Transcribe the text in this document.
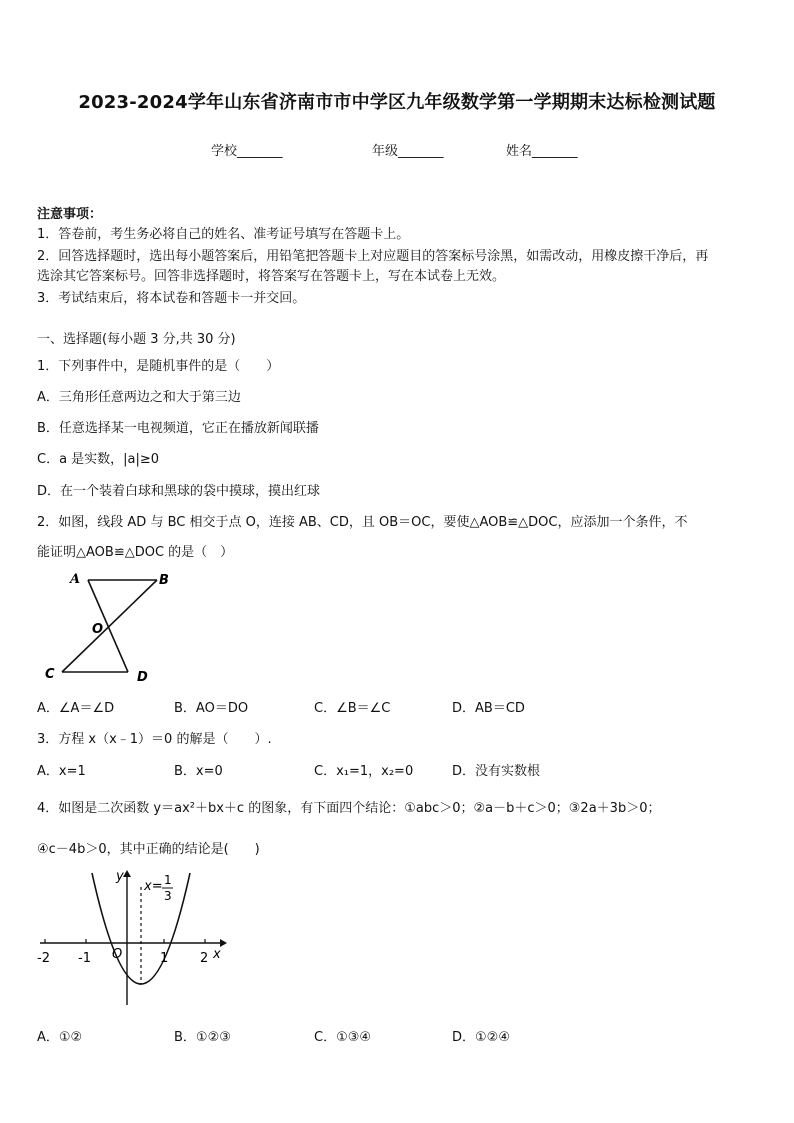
2023-2024学年山东省济南市市中学区九年级数学第一学期期末达标检测试题
学校_______	年级_______	姓名_______
注意事项：
1．答卷前，考生务必将自己的姓名、准考证号填写在答题卡上。
2．回答选择题时，选出每小题答案后，用铅笔把答题卡上对应题目的答案标号涂黑，如需改动，用橡皮擦干净后，再
选涂其它答案标号。回答非选择题时，将答案写在答题卡上，写在本试卷上无效。
3．考试结束后，将本试卷和答题卡一并交回。
一、选择题(每小题 3 分,共 30 分)
1．下列事件中，是随机事件的是（　　）
A．三角形任意两边之和大于第三边
B．任意选择某一电视频道，它正在播放新闻联播
C．a 是实数，|a|≥0
D．在一个装着白球和黑球的袋中摸球，摸出红球
2．如图，线段 AD 与 BC 相交于点 O，连接 AB、CD，且 OB＝OC，要使△AOB≌△DOC，应添加一个条件，不
能证明△AOB≌△DOC 的是（　）
A	B
O
C	D
A．∠A＝∠D	B．AO＝DO	C．∠B＝∠C	D．AB＝CD
3．方程 x（x﹣1）＝0 的解是（　　）.
A．x=1	B．x=0	C．x₁=1，x₂=0	D．没有实数根
4．如图是二次函数 y＝ax²＋bx＋c 的图象，有下面四个结论：①abc＞0；②a－b＋c＞0；③2a＋3b＞0；
④c－4b＞0，其中正确的结论是(　　)
y
x
x= 1
3
O
-2 -1	1 2
A．①②	B．①②③	C．①③④	D．①②④
